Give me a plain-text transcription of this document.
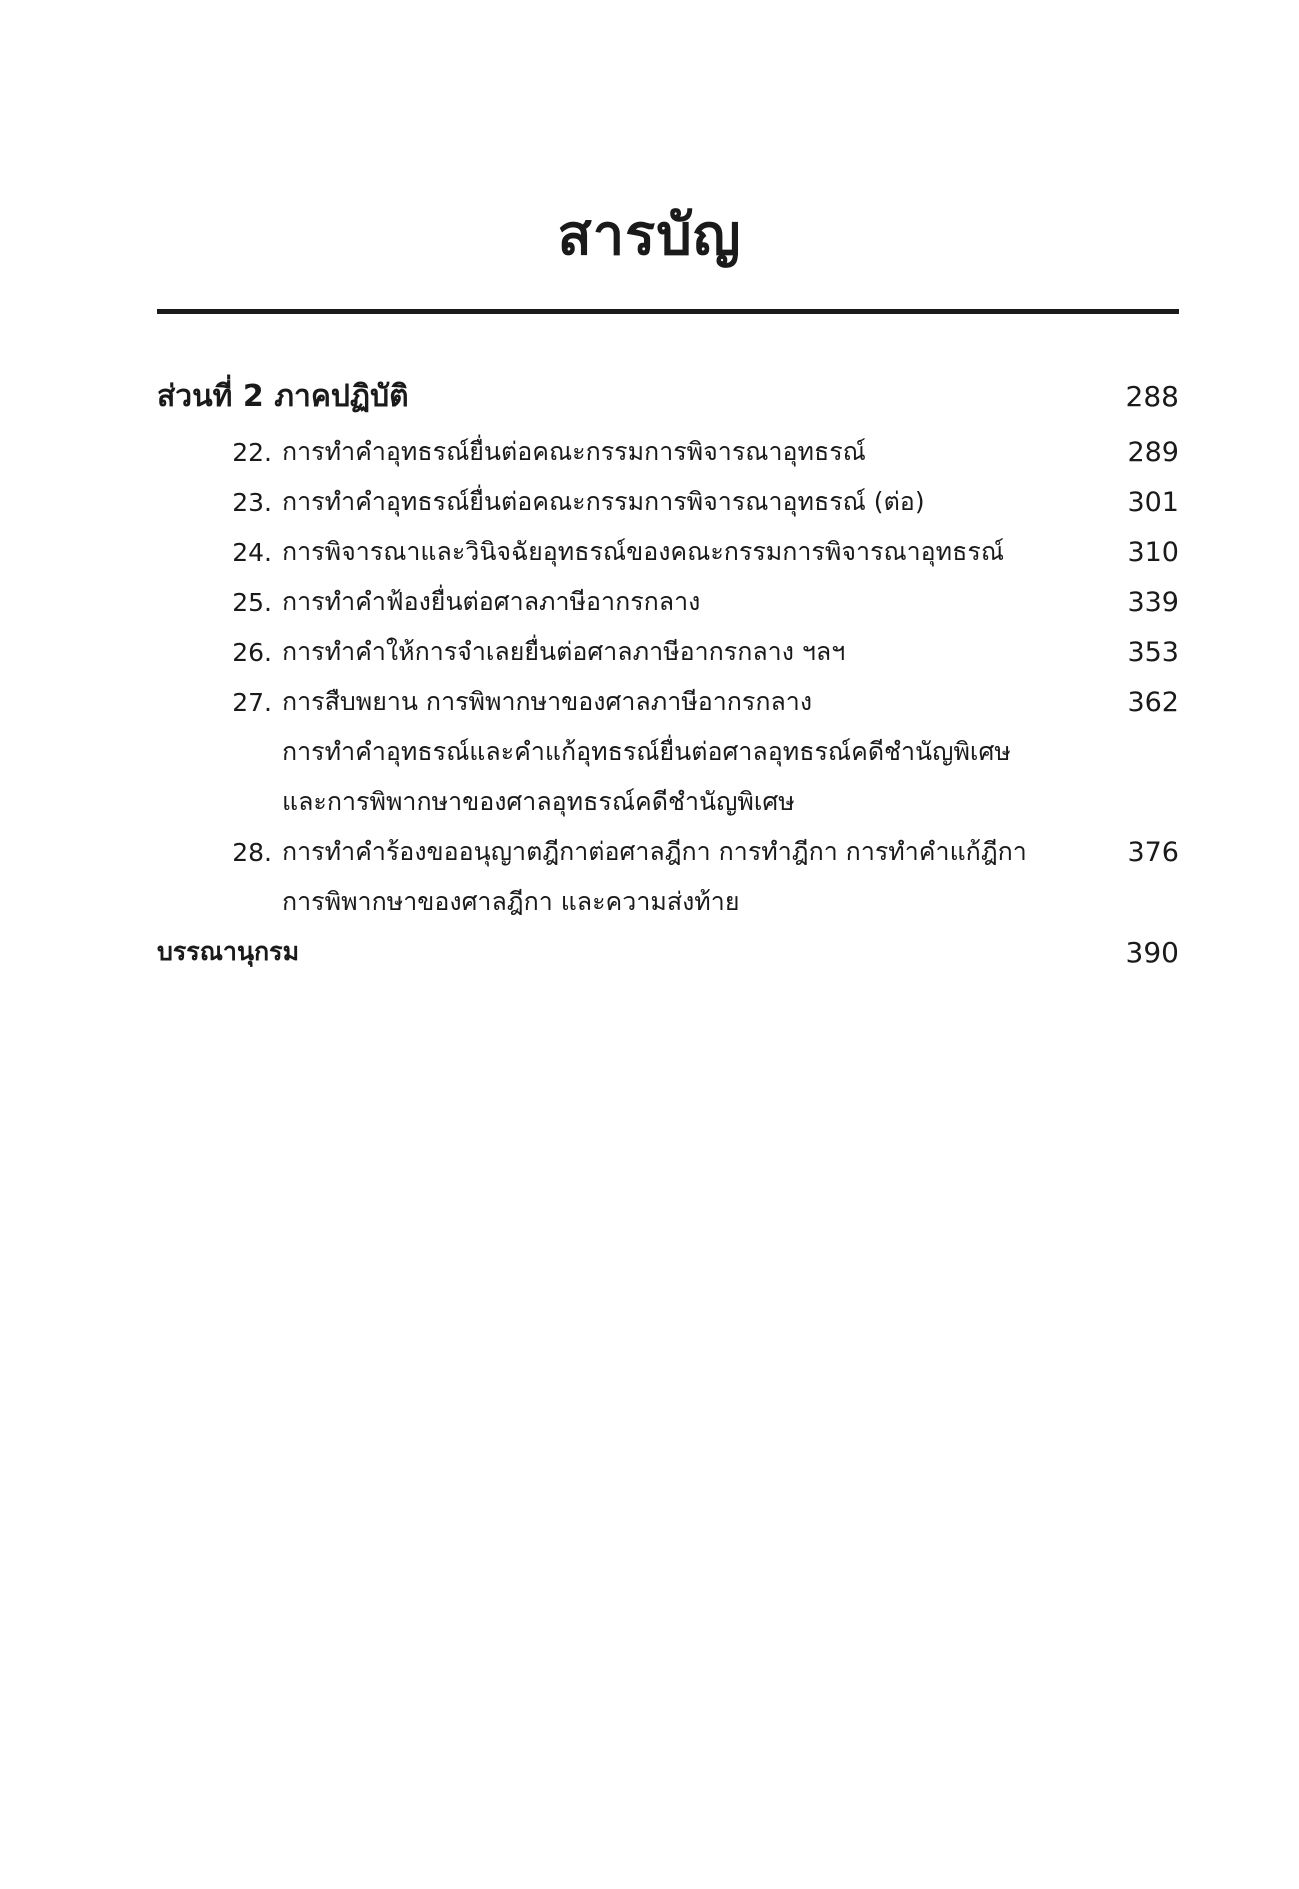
สารบัญ
ส่วนที่ 2 ภาคปฏิบัติ	288
22. การทำคำอุทธรณ์ยื่นต่อคณะกรรมการพิจารณาอุทธรณ์	289
23. การทำคำอุทธรณ์ยื่นต่อคณะกรรมการพิจารณาอุทธรณ์ (ต่อ)	301
24. การพิจารณาและวินิจฉัยอุทธรณ์ของคณะกรรมการพิจารณาอุทธรณ์	310
25. การทำคำฟ้องยื่นต่อศาลภาษีอากรกลาง	339
26. การทำคำให้การจำเลยยื่นต่อศาลภาษีอากรกลาง ฯลฯ	353
27. การสืบพยาน การพิพากษาของศาลภาษีอากรกลาง	362
การทำคำอุทธรณ์และคำแก้อุทธรณ์ยื่นต่อศาลอุทธรณ์คดีชำนัญพิเศษ
และการพิพากษาของศาลอุทธรณ์คดีชำนัญพิเศษ
28. การทำคำร้องขออนุญาตฎีกาต่อศาลฎีกา การทำฎีกา การทำคำแก้ฎีกา	376
การพิพากษาของศาลฎีกา และความส่งท้าย
บรรณานุกรม	390
